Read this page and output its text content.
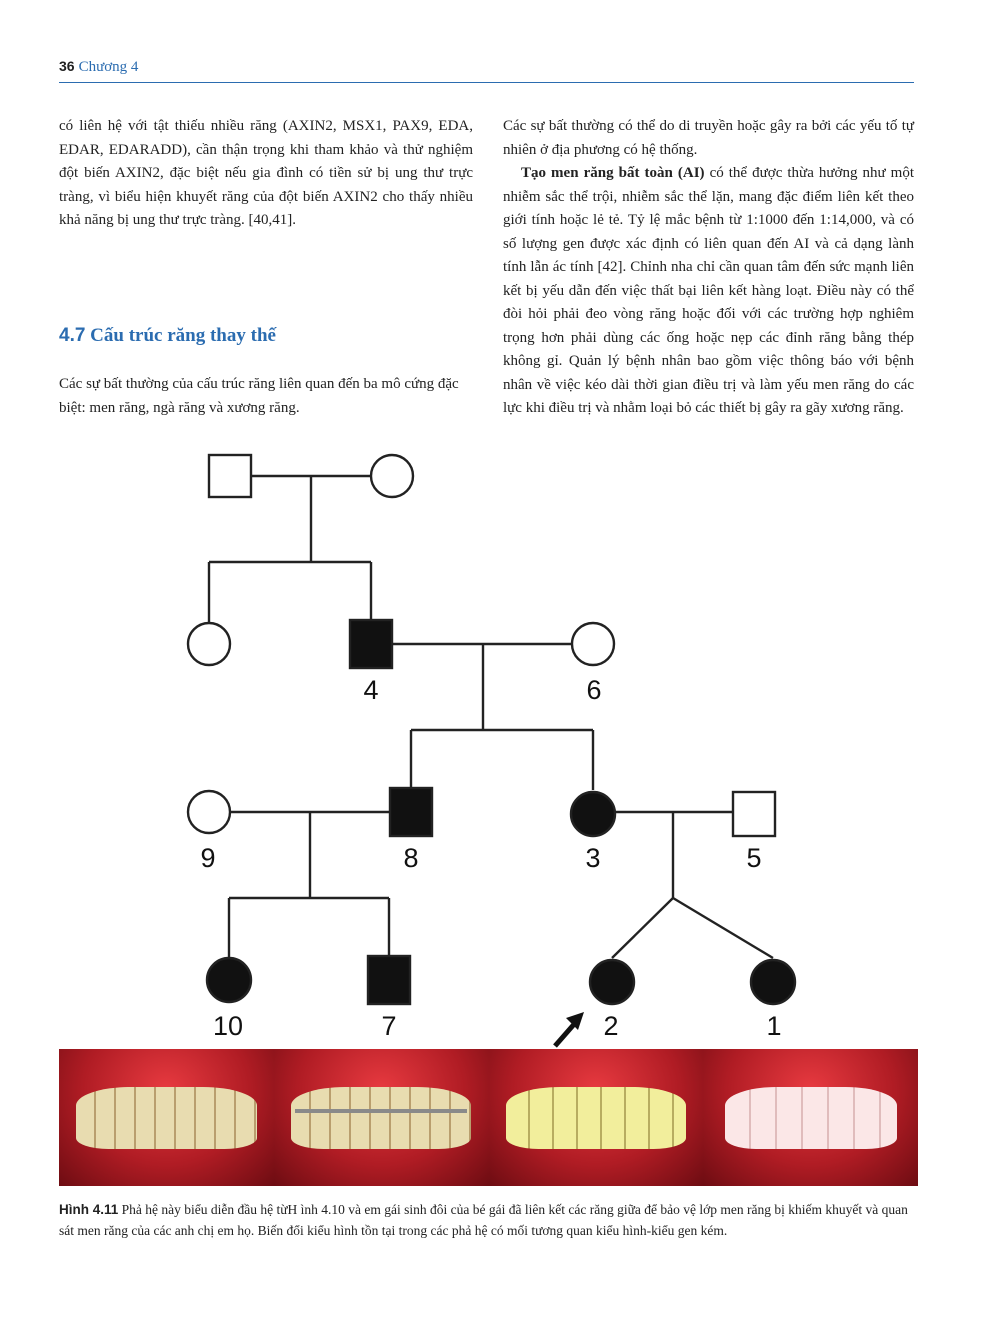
36 Chương 4

có liên hệ với tật thiếu nhiều răng (AXIN2, MSX1, PAX9, EDA, EDAR, EDARADD), cần thận trọng khi tham khảo và thử nghiệm đột biến AXIN2, đặc biệt nếu gia đình có tiền sử bị ung thư trực tràng, vì biểu hiện khuyết răng của đột biến AXIN2 cho thấy nhiều khả năng bị ung thư trực tràng. [40,41].

4.7 Cấu trúc răng thay thế
Các sự bất thường của cấu trúc răng liên quan đến ba mô cứng đặc biệt: men răng, ngà răng và xương răng.

Các sự bất thường có thể do di truyền hoặc gây ra bởi các yếu tố tự nhiên ở địa phương có hệ thống.

Tạo men răng bất toàn (AI) có thể được thừa hưởng như một nhiễm sắc thể trội, nhiễm sắc thể lặn, mang đặc điểm liên kết theo giới tính hoặc lẻ tẻ. Tỷ lệ mắc bệnh từ 1:1000 đến 1:14,000, và có số lượng gen được xác định có liên quan đến AI và cả dạng lành tính lẫn ác tính [42]. Chỉnh nha chỉ cần quan tâm đến sức mạnh liên kết bị yếu dẫn đến việc thất bại liên kết hàng loạt. Điều này có thể đòi hỏi phải đeo vòng răng hoặc đối với các trường hợp nghiêm trọng hơn phải dùng các ống hoặc nẹp các đỉnh răng bằng thép không gỉ. Quản lý bệnh nhân bao gồm việc thông báo với bệnh nhân về việc kéo dài thời gian điều trị và làm yếu men răng do các lực khi điều trị và nhằm loại bỏ các thiết bị gây ra gãy xương răng.

4	6
9	8	3	5
10	7	2	1
Hình 4.11 Phả hệ này biểu diễn đầu hệ từH ình 4.10 và em gái sinh đôi của bé gái đã liên kết các răng giữa để bảo vệ lớp men răng bị khiếm khuyết và quan sát men răng của các anh chị em họ. Biến đổi kiểu hình tồn tại trong các phả hệ có mối tương quan kiểu hình-kiểu gen kém.
